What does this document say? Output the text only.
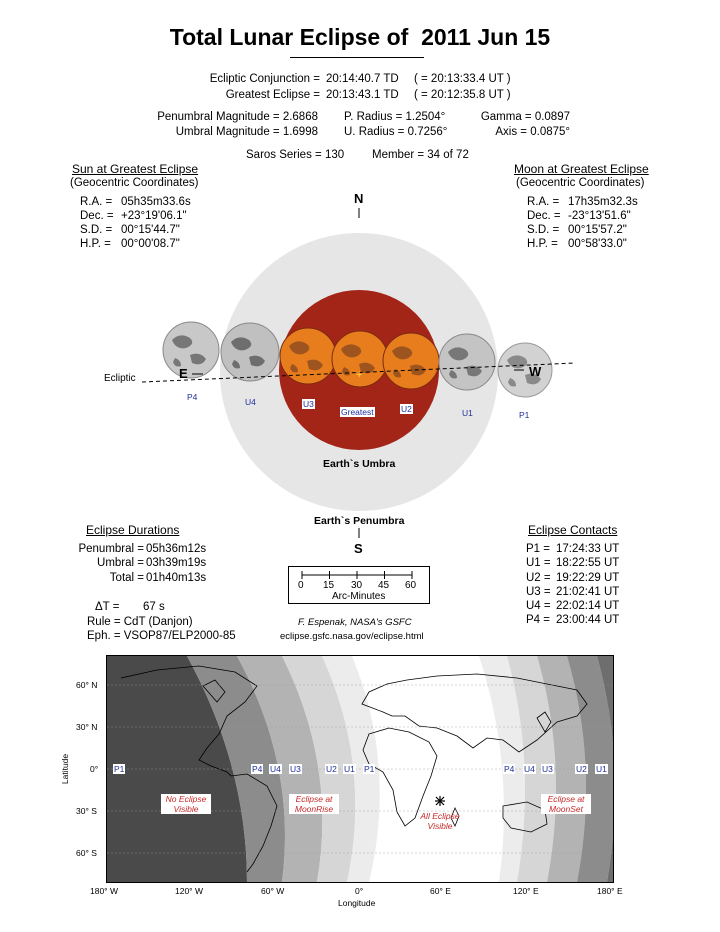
Total Lunar Eclipse of  2011 Jun 15
Ecliptic Conjunction = 20:14:40.7 TD ( = 20:13:33.4 UT )
Greatest Eclipse = 20:13:43.1 TD ( = 20:12:35.8 UT )
Penumbral Magnitude = 2.6868
Umbral Magnitude = 1.6998
P. Radius = 1.2504°
U. Radius = 0.7256°
Gamma = 0.0897
Axis = 0.0875°
Saros Series = 130 Member = 34 of 72
Sun at Greatest Eclipse
(Geocentric Coordinates)
R.A. = 05h35m33.6s
Dec. = +23°19'06.1"
S.D. = 00°15'44.7"
H.P. = 00°00'08.7"
Moon at Greatest Eclipse
(Geocentric Coordinates)
R.A. = 17h35m32.3s
Dec. = -23°13'51.6"
S.D. = 00°15'57.2"
H.P. = 00°58'33.0"
+
N
S
E	W
Ecliptic
P4	U4	U3
Greatest	U2	U1	P1
Earth`s Umbra
Earth`s Penumbra
Eclipse Durations
Penumbral = 05h36m12s
Umbral = 03h39m19s
Total = 01h40m13s
ΔT = 67 s
Rule = CdT (Danjon)
Eph. = VSOP87/ELP2000-85
0 15 30 45 60
Arc-Minutes
F. Espenak, NASA's GSFC
eclipse.gsfc.nasa.gov/eclipse.html
Eclipse Contacts
P1 = 17:24:33 UT
U1 = 18:22:55 UT
U2 = 19:22:29 UT
U3 = 21:02:41 UT
U4 = 22:02:14 UT
P4 = 23:00:44 UT
P1	P4 U4 U3	U2 U1 P1	P4 U4 U3	U2 U1
No Eclipse
Visible
Eclipse at
MoonRise
All Eclipse
Visible
Eclipse at
MoonSet
60° N
30° N
0°
30° S
60° S
Latitude
180° W	120° W	60° W	0°	60° E	120° E	180° E
Longitude
